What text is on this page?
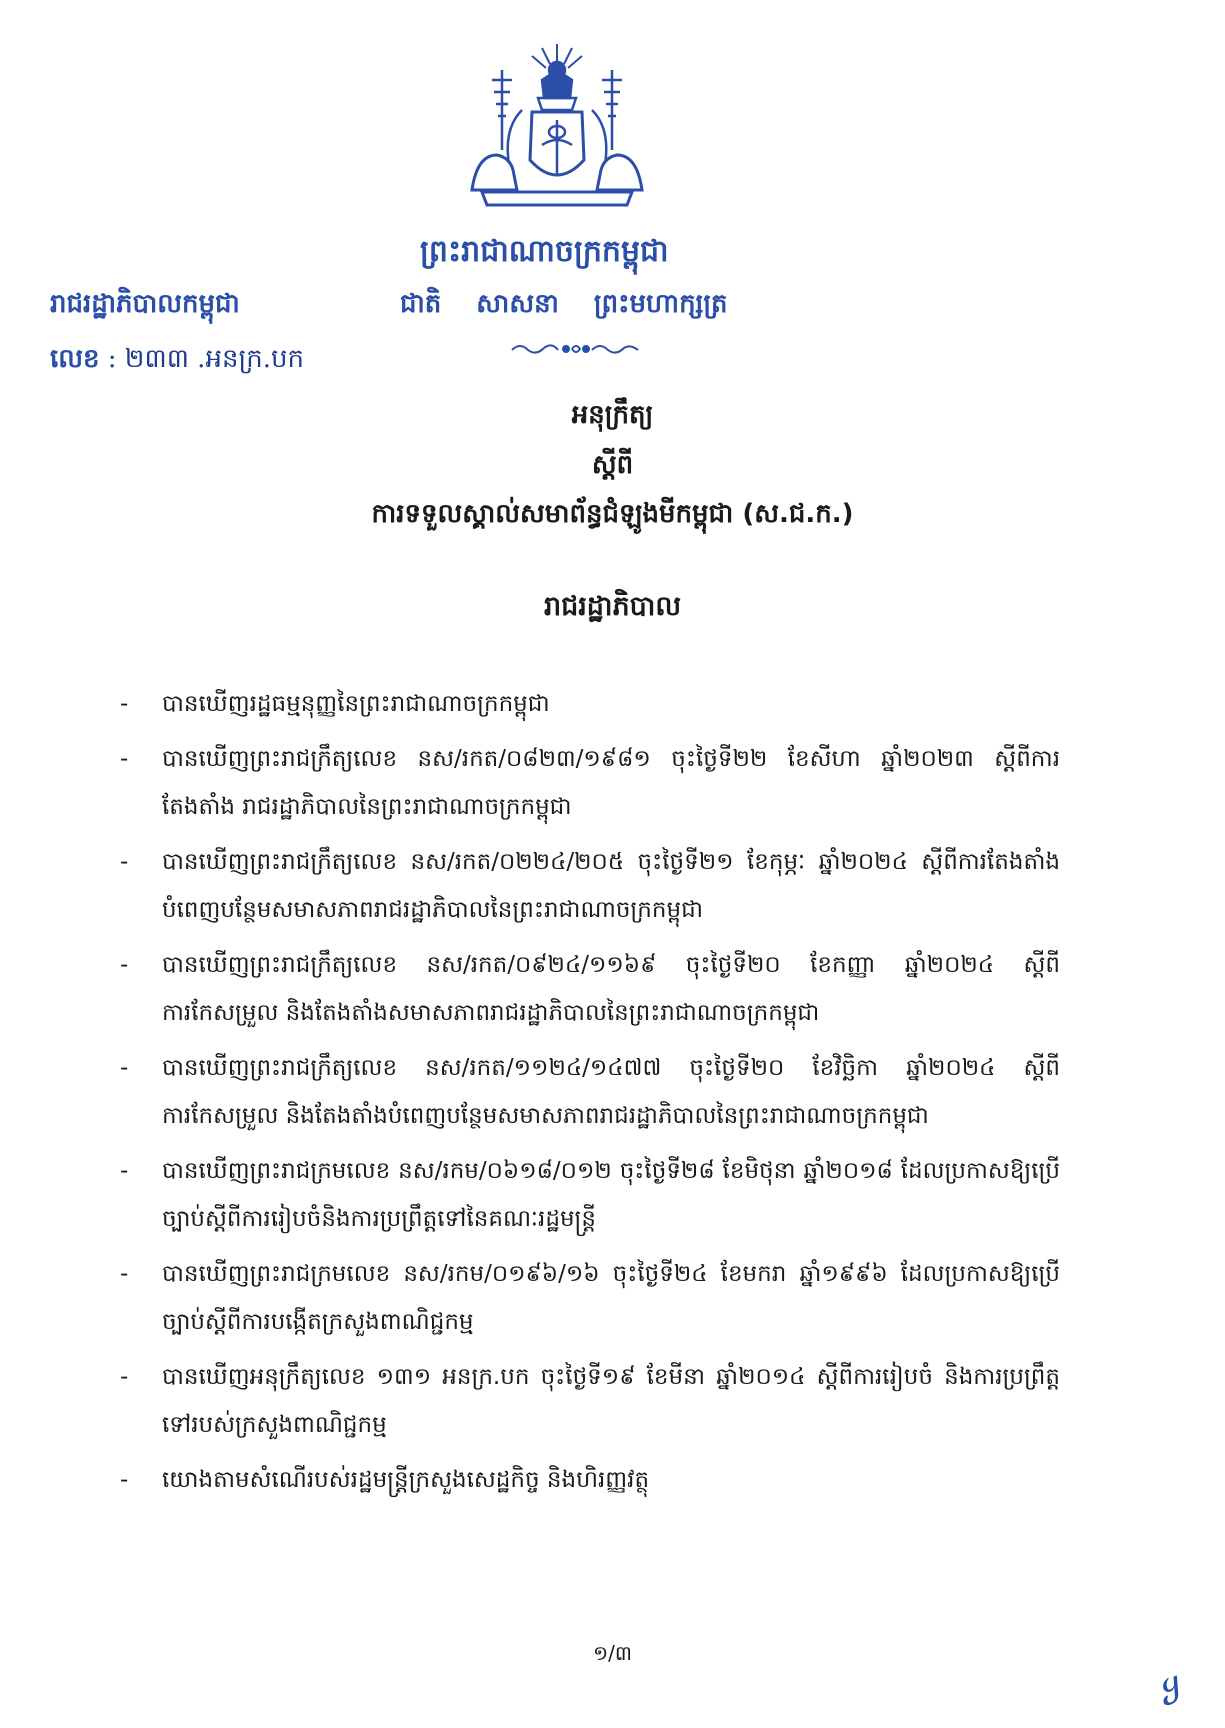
ព្រះរាជាណាចក្រកម្ពុជា
ជាតិ សាសនា ព្រះមហាក្សត្រ
រាជរដ្ឋាភិបាលកម្ពុជា
លេខ : ២៣៣ .អនក្រ.បក
អនុក្រឹត្យ
ស្តីពី
ការទទួលស្គាល់សមាព័ន្ធជំឡូងមីកម្ពុជា (ស.ជ.ក.)
រាជរដ្ឋាភិបាល
- បានឃើញរដ្ឋធម្មនុញ្ញនៃព្រះរាជាណាចក្រកម្ពុជា
- បានឃើញព្រះរាជក្រឹត្យលេខ នស/រកត/០៨២៣/១៩៨១ ចុះថ្ងៃទី២២ ខែសីហា ឆ្នាំ២០២៣ ស្តីពីការតែងតាំង រាជរដ្ឋាភិបាលនៃព្រះរាជាណាចក្រកម្ពុជា
- បានឃើញព្រះរាជក្រឹត្យលេខ នស/រកត/០២២៤/២០៥ ចុះថ្ងៃទី២១ ខែកុម្ភៈ ឆ្នាំ២០២៤ ស្តីពីការតែងតាំងបំពេញបន្ថែមសមាសភាពរាជរដ្ឋាភិបាលនៃព្រះរាជាណាចក្រកម្ពុជា
- បានឃើញព្រះរាជក្រឹត្យលេខ នស/រកត/០៩២៤/១១៦៩ ចុះថ្ងៃទី២០ ខែកញ្ញា ឆ្នាំ២០២៤ ស្តីពីការកែសម្រួល និងតែងតាំងសមាសភាពរាជរដ្ឋាភិបាលនៃព្រះរាជាណាចក្រកម្ពុជា
- បានឃើញព្រះរាជក្រឹត្យលេខ នស/រកត/១១២៤/១៤៧៧ ចុះថ្ងៃទី២០ ខែវិច្ឆិកា ឆ្នាំ២០២៤ ស្តីពីការកែសម្រួល និងតែងតាំងបំពេញបន្ថែមសមាសភាពរាជរដ្ឋាភិបាលនៃព្រះរាជាណាចក្រកម្ពុជា
- បានឃើញព្រះរាជក្រមលេខ នស/រកម/០៦១៨/០១២ ចុះថ្ងៃទី២៨ ខែមិថុនា ឆ្នាំ២០១៨ ដែលប្រកាសឱ្យប្រើច្បាប់ស្តីពីការរៀបចំនិងការប្រព្រឹត្តទៅនៃគណៈរដ្ឋមន្ត្រី
- បានឃើញព្រះរាជក្រមលេខ នស/រកម/០១៩៦/១៦ ចុះថ្ងៃទី២៤ ខែមករា ឆ្នាំ១៩៩៦ ដែលប្រកាសឱ្យប្រើច្បាប់ស្តីពីការបង្កើតក្រសួងពាណិជ្ជកម្ម
- បានឃើញអនុក្រឹត្យលេខ ១៣១ អនក្រ.បក ចុះថ្ងៃទី១៩ ខែមីនា ឆ្នាំ២០១៤ ស្តីពីការរៀបចំ និងការប្រព្រឹត្តទៅរបស់ក្រសួងពាណិជ្ជកម្ម
- យោងតាមសំណើរបស់រដ្ឋមន្ត្រីក្រសួងសេដ្ឋកិច្ច និងហិរញ្ញវត្ថុ
១/៣
ყ
